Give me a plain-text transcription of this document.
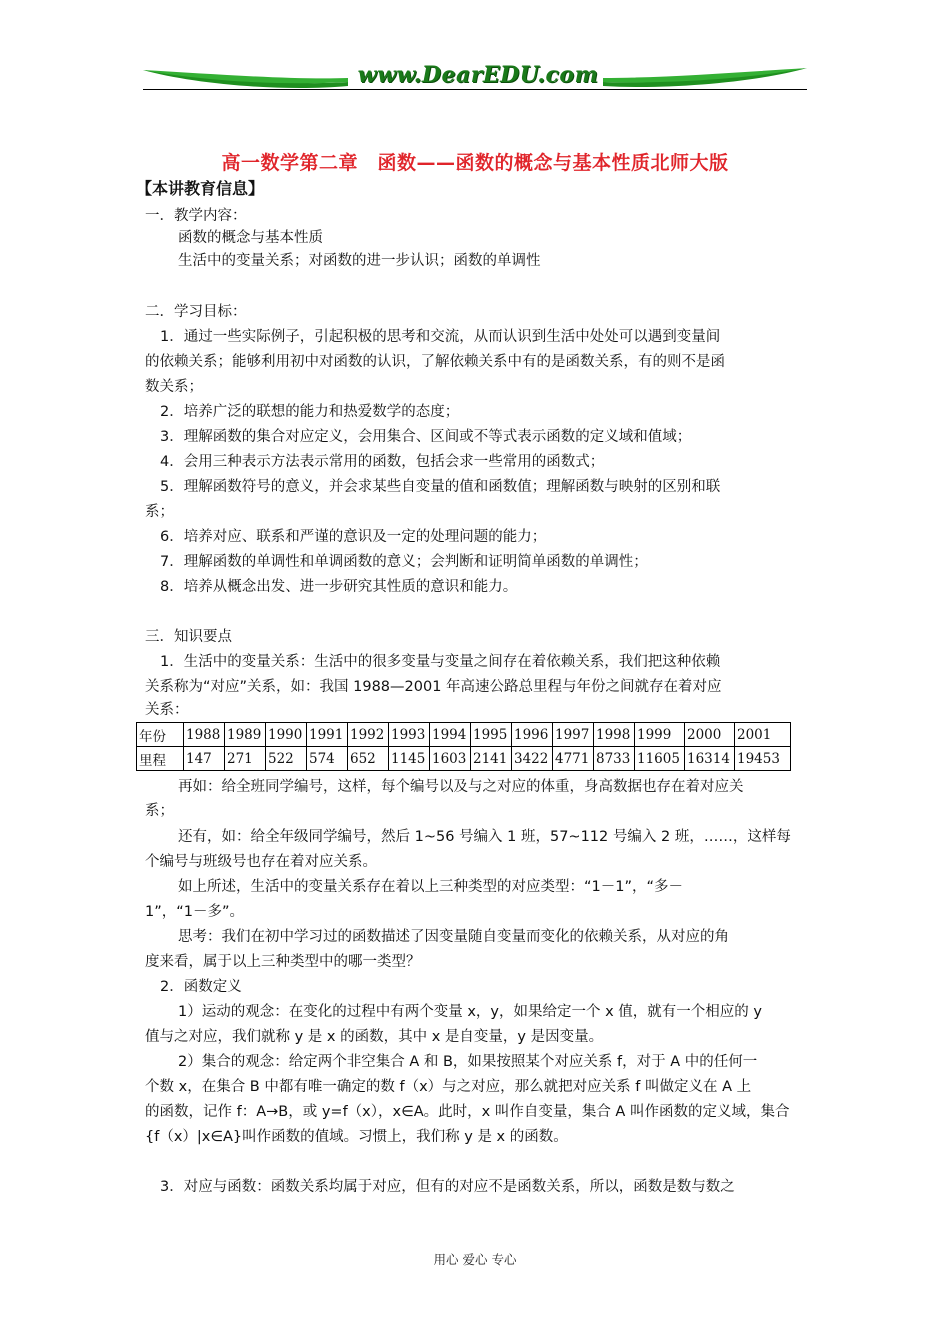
www.DearEDU.com
高一数学第二章　函数——函数的概念与基本性质北师大版
【本讲教育信息】
一．教学内容：
函数的概念与基本性质
生活中的变量关系；对函数的进一步认识；函数的单调性
二．学习目标：
1．通过一些实际例子，引起积极的思考和交流，从而认识到生活中处处可以遇到变量间
的依赖关系；能够利用初中对函数的认识，了解依赖关系中有的是函数关系，有的则不是函
数关系；
2．培养广泛的联想的能力和热爱数学的态度；
3．理解函数的集合对应定义，会用集合、区间或不等式表示函数的定义域和值域；
4．会用三种表示方法表示常用的函数，包括会求一些常用的函数式；
5．理解函数符号的意义，并会求某些自变量的值和函数值；理解函数与映射的区别和联
系；
6．培养对应、联系和严谨的意识及一定的处理问题的能力；
7．理解函数的单调性和单调函数的意义；会判断和证明简单函数的单调性；
8．培养从概念出发、进一步研究其性质的意识和能力。
三．知识要点
1．生活中的变量关系：生活中的很多变量与变量之间存在着依赖关系，我们把这种依赖
关系称为“对应”关系，如：我国 1988—2001 年高速公路总里程与年份之间就存在着对应
关系：
年份	1988	1989	1990	1991	1992	1993	1994	1995	1996	1997	1998	1999	2000	2001
里程	147	271	522	574	652	1145	1603	2141	3422	4771	8733	11605	16314	19453
再如：给全班同学编号，这样，每个编号以及与之对应的体重，身高数据也存在着对应关
系；
还有，如：给全年级同学编号，然后 1~56 号编入 1 班，57~112 号编入 2 班，……，这样每
个编号与班级号也存在着对应关系。
如上所述，生活中的变量关系存在着以上三种类型的对应类型：“1－1”，“多－
1”，“1－多”。
思考：我们在初中学习过的函数描述了因变量随自变量而变化的依赖关系，从对应的角
度来看，属于以上三种类型中的哪一类型？
2．函数定义
1）运动的观念：在变化的过程中有两个变量 x，y，如果给定一个 x 值，就有一个相应的 y
值与之对应，我们就称 y 是 x 的函数，其中 x 是自变量，y 是因变量。
2）集合的观念：给定两个非空集合 A 和 B，如果按照某个对应关系 f，对于 A 中的任何一
个数 x，在集合 B 中都有唯一确定的数 f（x）与之对应，那么就把对应关系 f 叫做定义在 A 上
的函数，记作 f：A→B，或 y=f（x），x∈A。此时，x 叫作自变量，集合 A 叫作函数的定义域，集合
{f（x）|x∈A}叫作函数的值域。习惯上，我们称 y 是 x 的函数。
3．对应与函数：函数关系均属于对应，但有的对应不是函数关系，所以，函数是数与数之
用心 爱心 专心
